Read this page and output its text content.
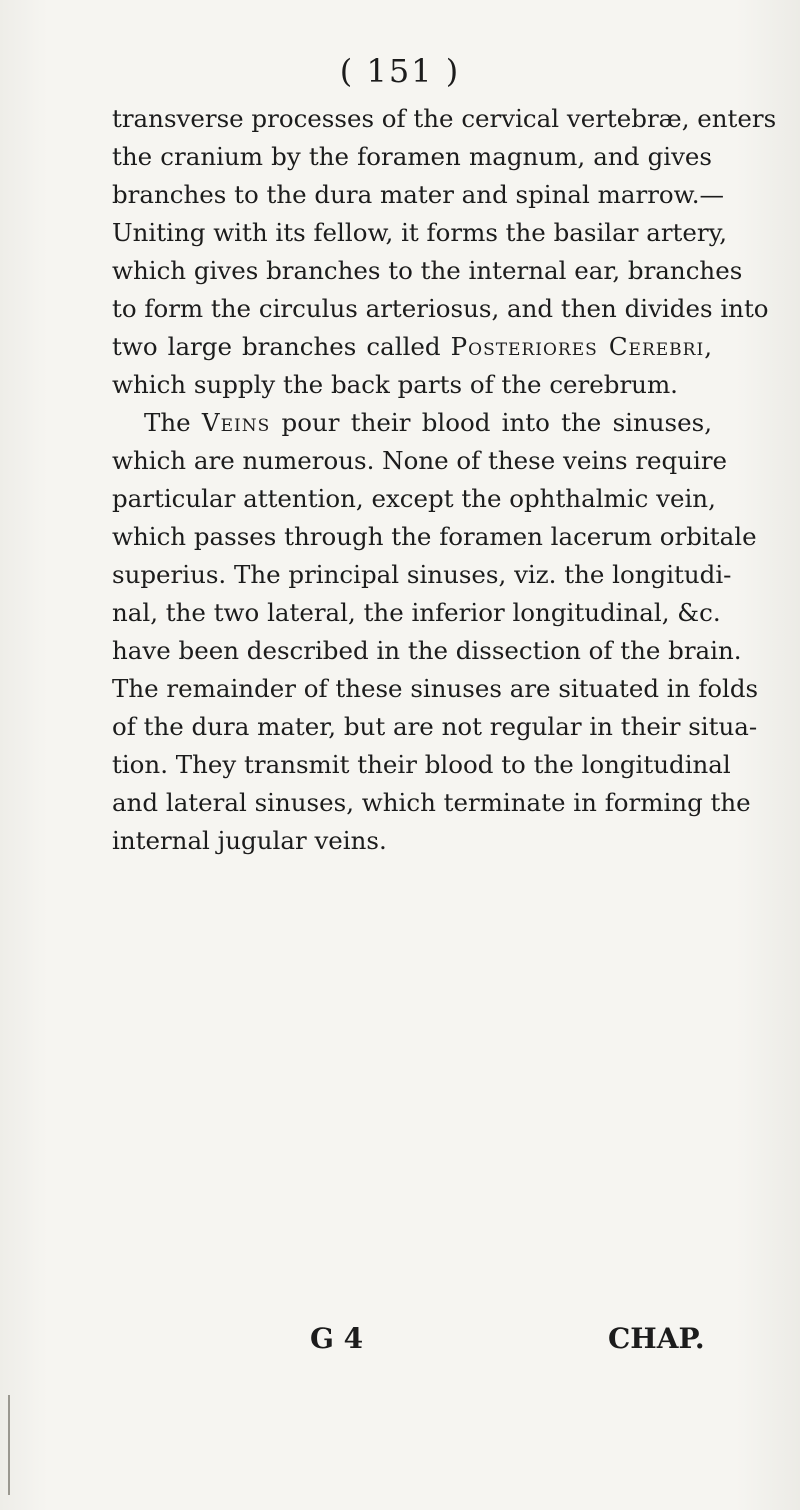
( 151 )
transverse processes of the cervical vertebræ, enters
the cranium by the foramen magnum, and gives
branches to the dura mater and spinal marrow.—
Uniting with its fellow, it forms the basilar artery,
which gives branches to the internal ear, branches
to form the circulus arteriosus, and then divides into
two large branches called Posteriores Cerebri,
which supply the back parts of the cerebrum.
The Veins pour their blood into the sinuses,
which are numerous. None of these veins require
particular attention, except the ophthalmic vein,
which passes through the foramen lacerum orbitale
superius. The principal sinuses, viz. the longitudi-
nal, the two lateral, the inferior longitudinal, &c.
have been described in the dissection of the brain.
The remainder of these sinuses are situated in folds
of the dura mater, but are not regular in their situa-
tion. They transmit their blood to the longitudinal
and lateral sinuses, which terminate in forming the
internal jugular veins.
G 4	CHAP.
